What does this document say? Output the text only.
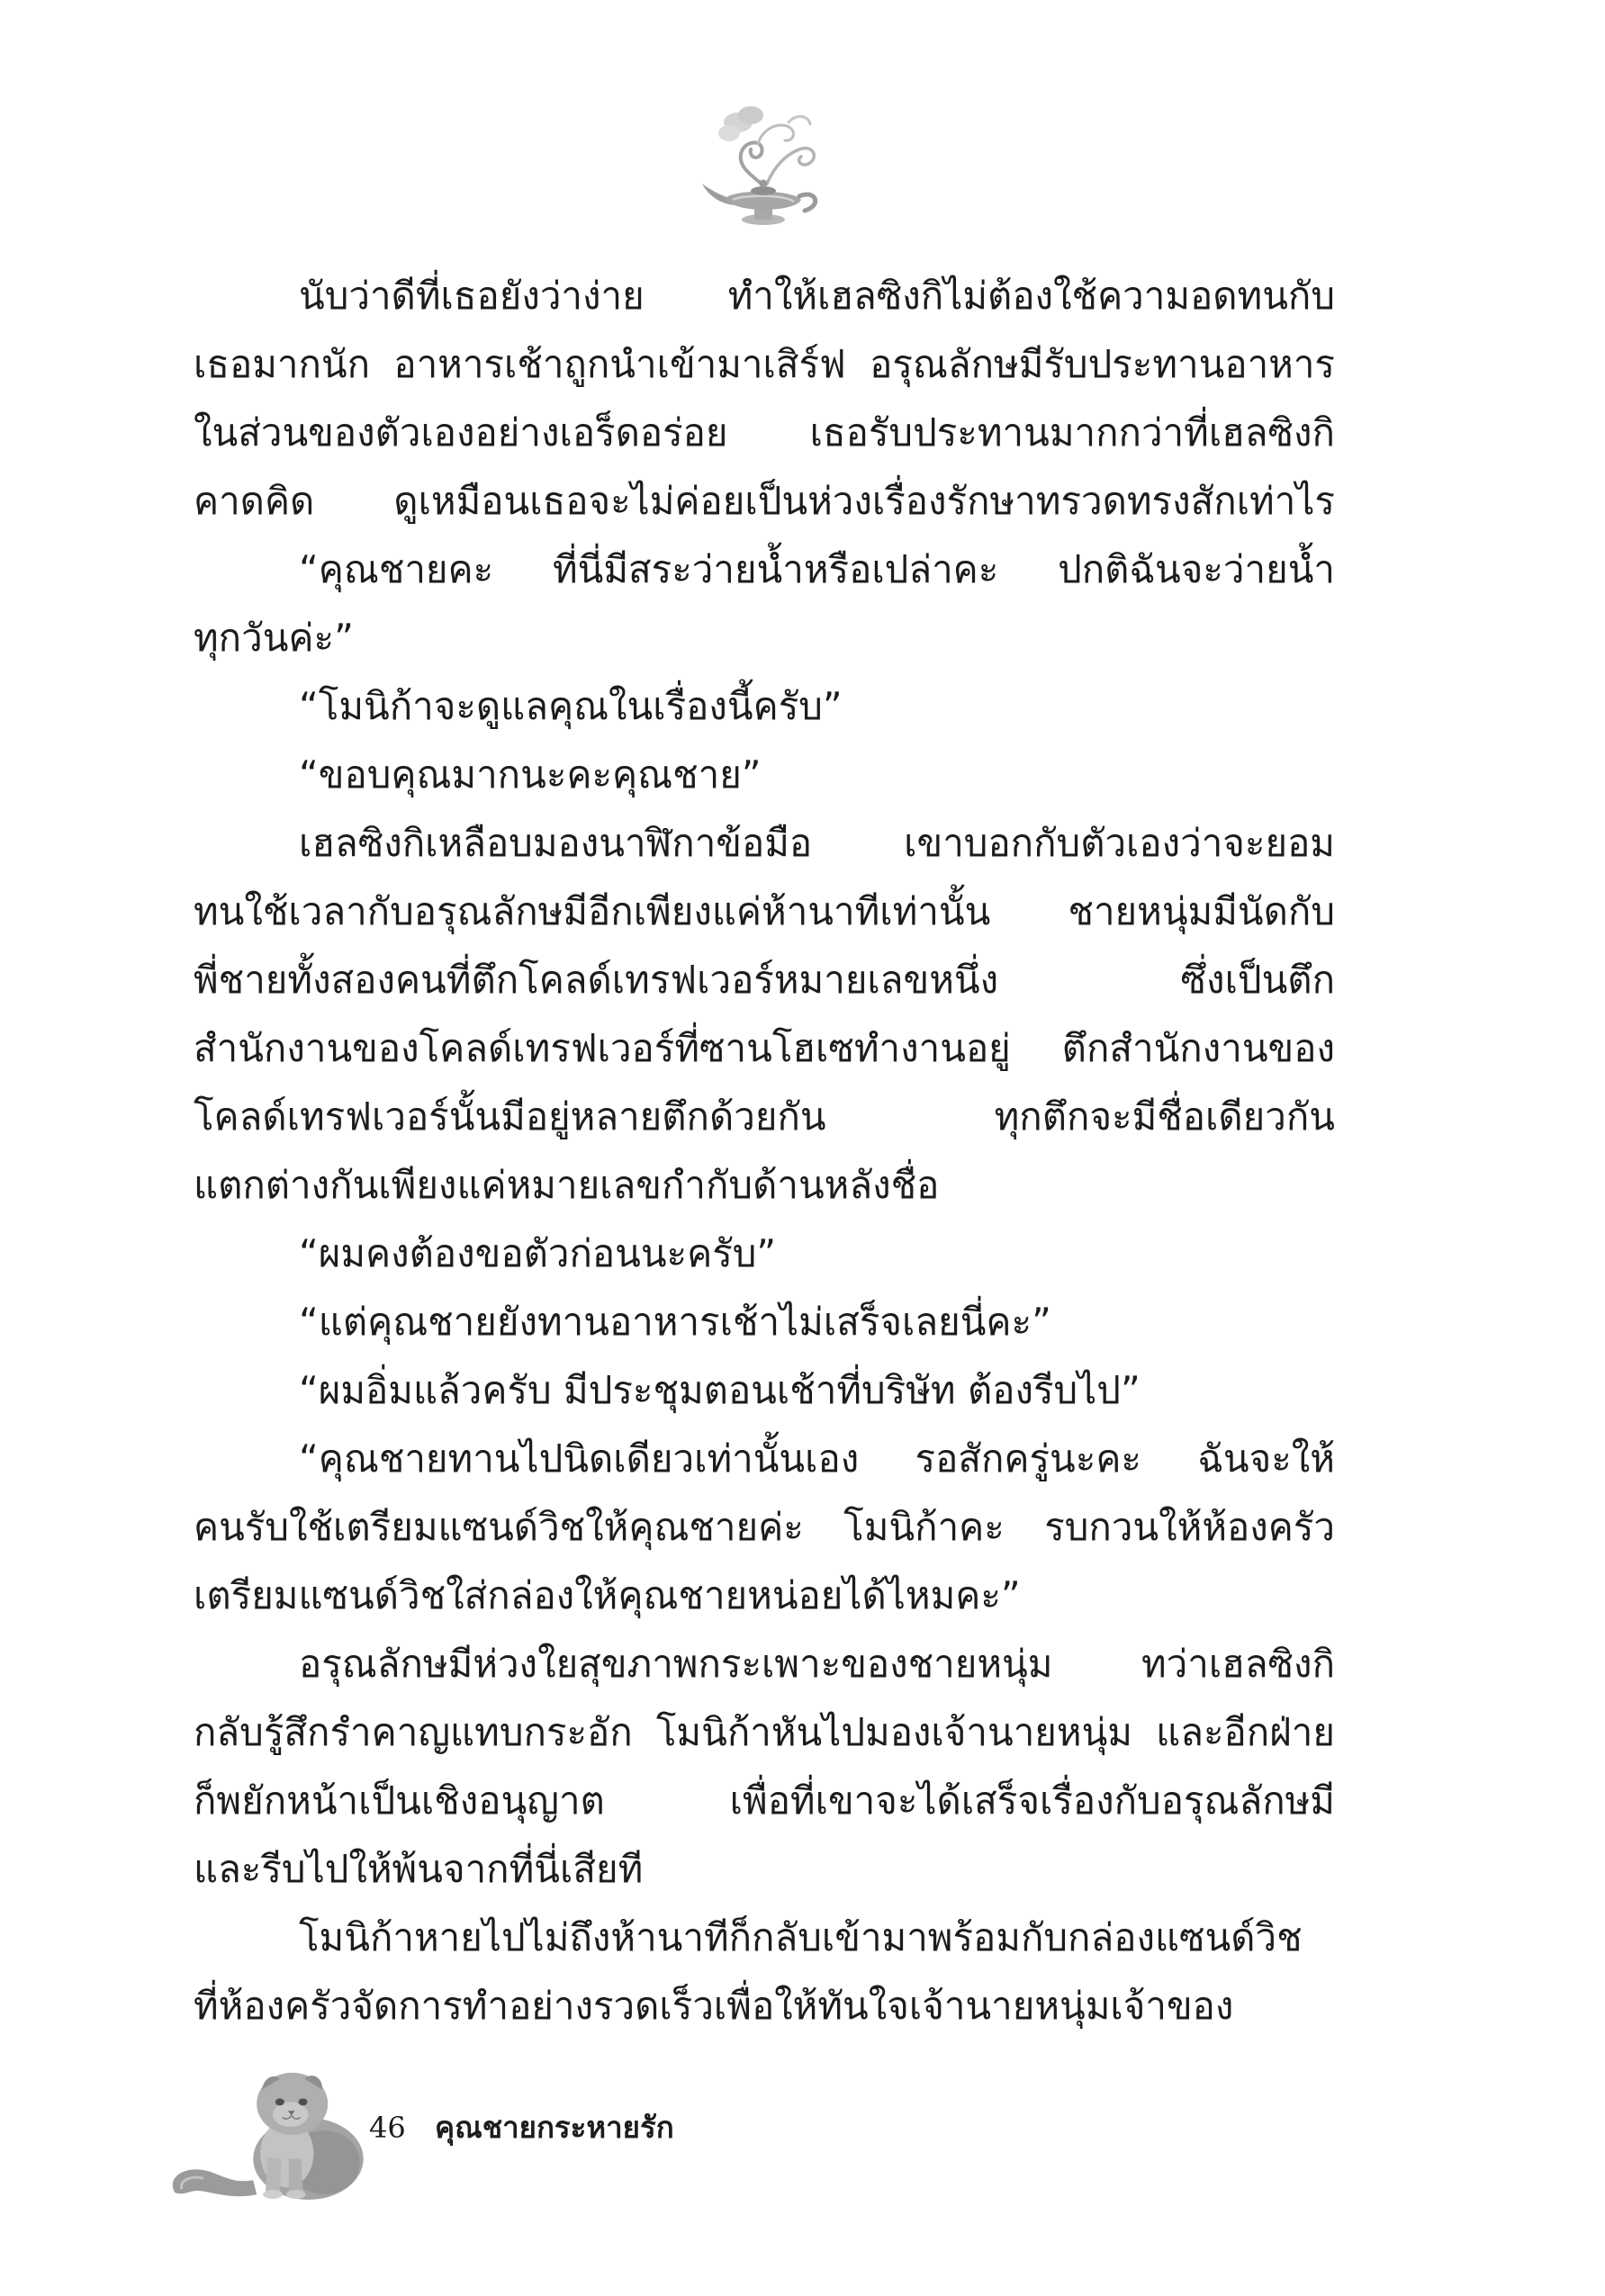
นับว่าดีที่เธอยังว่าง่าย ทำให้เฮลซิงกิไม่ต้องใช้ความอดทนกับ
เธอมากนัก อาหารเช้าถูกนำเข้ามาเสิร์ฟ อรุณลักษมีรับประทานอาหาร
ในส่วนของตัวเองอย่างเอร็ดอร่อย เธอรับประทานมากกว่าที่เฮลซิงกิ
คาดคิด ดูเหมือนเธอจะไม่ค่อยเป็นห่วงเรื่องรักษาทรวดทรงสักเท่าไร
“คุณชายคะ ที่นี่มีสระว่ายน้ำหรือเปล่าคะ ปกติฉันจะว่ายน้ำ
ทุกวันค่ะ”
“โมนิก้าจะดูแลคุณในเรื่องนี้ครับ”
“ขอบคุณมากนะคะคุณชาย”
เฮลซิงกิเหลือบมองนาฬิกาข้อมือ เขาบอกกับตัวเองว่าจะยอม
ทนใช้เวลากับอรุณลักษมีอีกเพียงแค่ห้านาทีเท่านั้น ชายหนุ่มมีนัดกับ
พี่ชายทั้งสองคนที่ตึกโคลด์เทรฟเวอร์หมายเลขหนึ่ง ซึ่งเป็นตึก
สำนักงานของโคลด์เทรฟเวอร์ที่ซานโฮเซทำงานอยู่ ตึกสำนักงานของ
โคลด์เทรฟเวอร์นั้นมีอยู่หลายตึกด้วยกัน ทุกตึกจะมีชื่อเดียวกัน
แตกต่างกันเพียงแค่หมายเลขกำกับด้านหลังชื่อ
“ผมคงต้องขอตัวก่อนนะครับ”
“แต่คุณชายยังทานอาหารเช้าไม่เสร็จเลยนี่คะ”
“ผมอิ่มแล้วครับ มีประชุมตอนเช้าที่บริษัท ต้องรีบไป”
“คุณชายทานไปนิดเดียวเท่านั้นเอง รอสักครู่นะคะ ฉันจะให้
คนรับใช้เตรียมแซนด์วิชให้คุณชายค่ะ โมนิก้าคะ รบกวนให้ห้องครัว
เตรียมแซนด์วิชใส่กล่องให้คุณชายหน่อยได้ไหมคะ”
อรุณลักษมีห่วงใยสุขภาพกระเพาะของชายหนุ่ม ทว่าเฮลซิงกิ
กลับรู้สึกรำคาญแทบกระอัก โมนิก้าหันไปมองเจ้านายหนุ่ม และอีกฝ่าย
ก็พยักหน้าเป็นเชิงอนุญาต เพื่อที่เขาจะได้เสร็จเรื่องกับอรุณลักษมี
และรีบไปให้พ้นจากที่นี่เสียที
โมนิก้าหายไปไม่ถึงห้านาทีก็กลับเข้ามาพร้อมกับกล่องแซนด์วิช
ที่ห้องครัวจัดการทำอย่างรวดเร็วเพื่อให้ทันใจเจ้านายหนุ่มเจ้าของ
46 คุณชายกระหายรัก
